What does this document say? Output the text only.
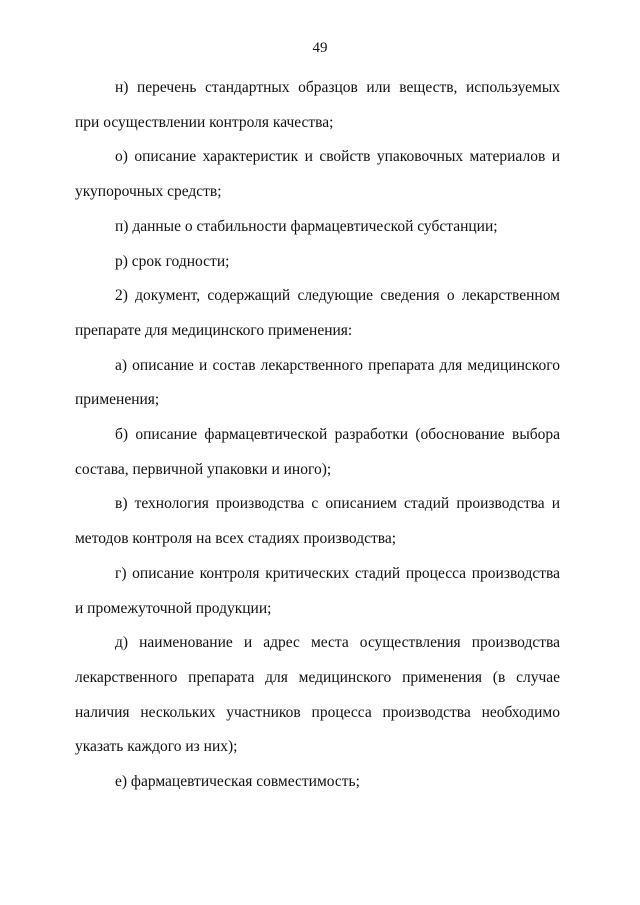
49

н) перечень стандартных образцов или веществ, используемых при осуществлении контроля качества;

о) описание характеристик и свойств упаковочных материалов и укупорочных средств;

п) данные о стабильности фармацевтической субстанции;

р) срок годности;

2) документ, содержащий следующие сведения о лекарственном препарате для медицинского применения:

а) описание и состав лекарственного препарата для медицинского применения;

б) описание фармацевтической разработки (обоснование выбора состава, первичной упаковки и иного);

в) технология производства с описанием стадий производства и методов контроля на всех стадиях производства;

г) описание контроля критических стадий процесса производства и промежуточной продукции;

д) наименование и адрес места осуществления производства лекарственного препарата для медицинского применения (в случае наличия нескольких участников процесса производства необходимо указать каждого из них);

е) фармацевтическая совместимость;
